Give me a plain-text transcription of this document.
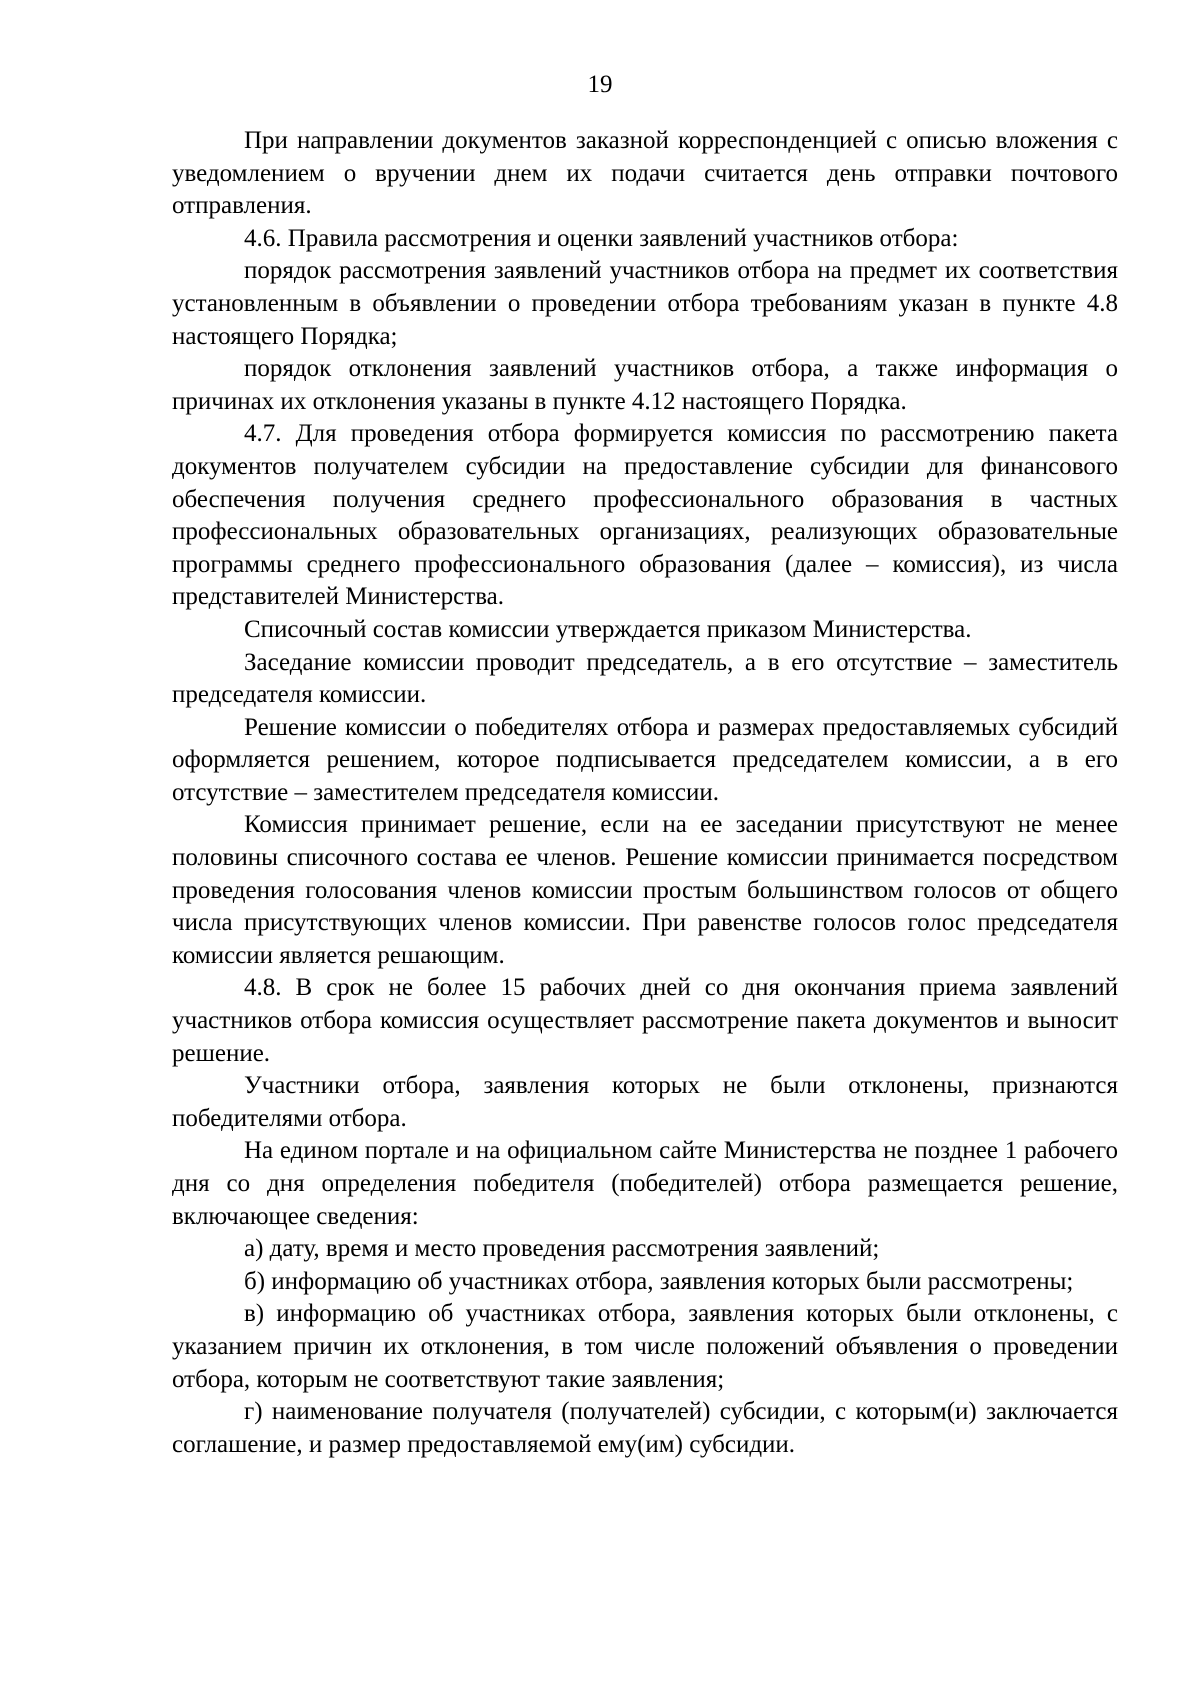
19

При направлении документов заказной корреспонденцией с описью вложения с уведомлением о вручении днем их подачи считается день отправки почтового отправления.

4.6. Правила рассмотрения и оценки заявлений участников отбора:

порядок рассмотрения заявлений участников отбора на предмет их соответствия установленным в объявлении о проведении отбора требованиям указан в пункте 4.8 настоящего Порядка;

порядок отклонения заявлений участников отбора, а также информация о причинах их отклонения указаны в пункте 4.12 настоящего Порядка.

4.7. Для проведения отбора формируется комиссия по рассмотрению пакета документов получателем субсидии на предоставление субсидии для финансового обеспечения получения среднего профессионального образования в частных профессиональных образовательных организациях, реализующих образовательные программы среднего профессионального образования (далее – комиссия), из числа представителей Министерства.

Списочный состав комиссии утверждается приказом Министерства.

Заседание комиссии проводит председатель, а в его отсутствие – заместитель председателя комиссии.

Решение комиссии о победителях отбора и размерах предоставляемых субсидий оформляется решением, которое подписывается председателем комиссии, а в его отсутствие – заместителем председателя комиссии.

Комиссия принимает решение, если на ее заседании присутствуют не менее половины списочного состава ее членов. Решение комиссии принимается посредством проведения голосования членов комиссии простым большинством голосов от общего числа присутствующих членов комиссии. При равенстве голосов голос председателя комиссии является решающим.

4.8. В срок не более 15 рабочих дней со дня окончания приема заявлений участников отбора комиссия осуществляет рассмотрение пакета документов и выносит решение.

Участники отбора, заявления которых не были отклонены, признаются победителями отбора.

На едином портале и на официальном сайте Министерства не позднее 1 рабочего дня со дня определения победителя (победителей) отбора размещается решение, включающее сведения:

а) дату, время и место проведения рассмотрения заявлений;

б) информацию об участниках отбора, заявления которых были рассмотрены;

в) информацию об участниках отбора, заявления которых были отклонены, с указанием причин их отклонения, в том числе положений объявления о проведении отбора, которым не соответствуют такие заявления;

г) наименование получателя (получателей) субсидии, с которым(и) заключается соглашение, и размер предоставляемой ему(им) субсидии.
